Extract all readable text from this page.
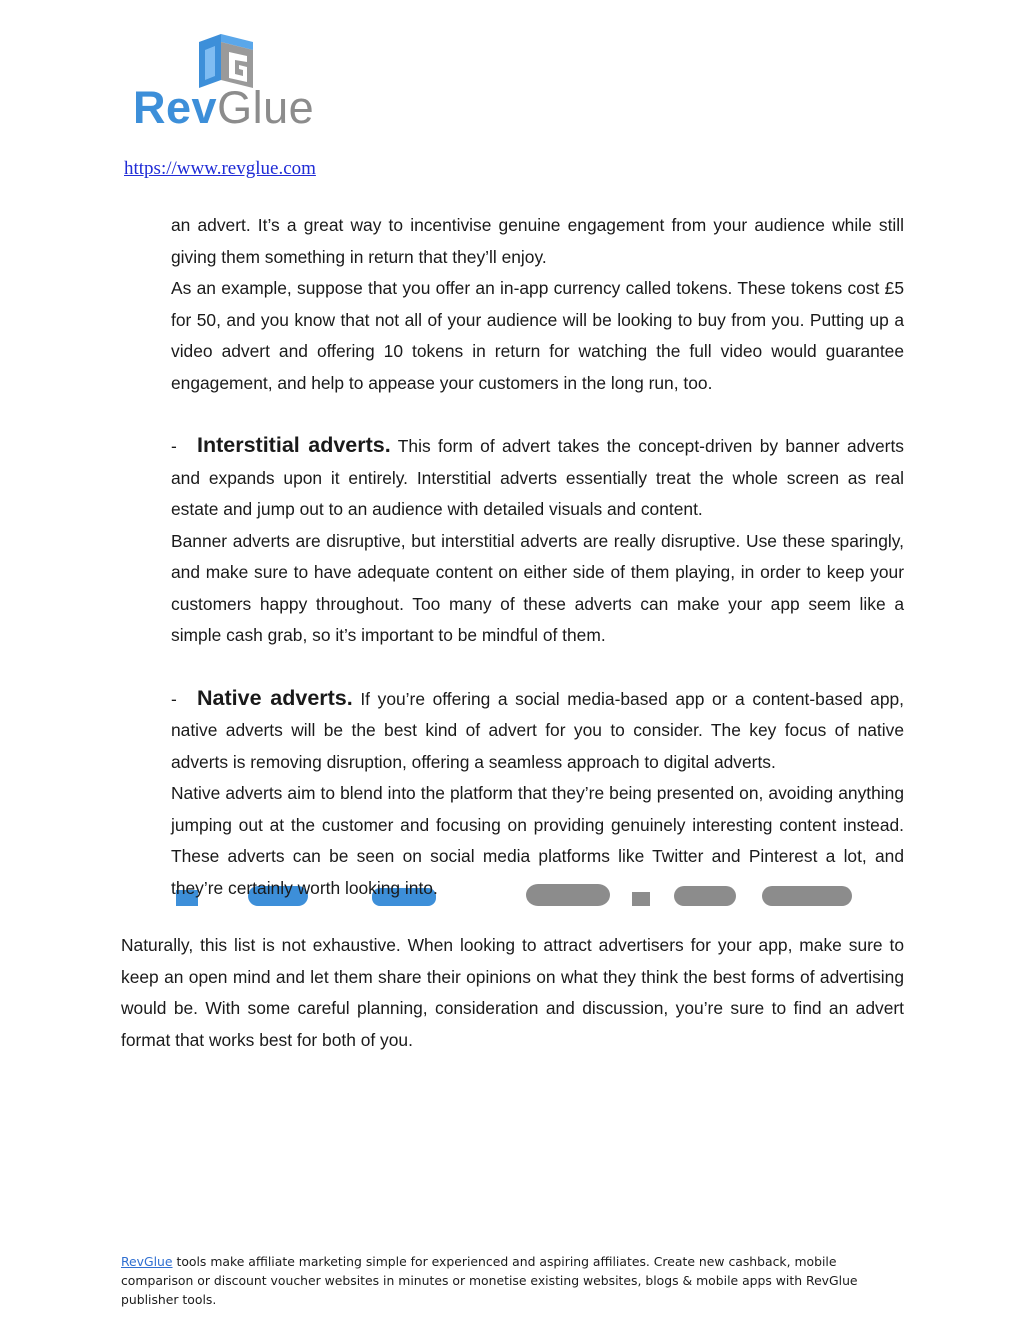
RevGlue
https://www.revglue.com

an advert. It’s a great way to incentivise genuine engagement from your audience while still giving them something in return that they’ll enjoy.

As an example, suppose that you offer an in-app currency called tokens. These tokens cost £5 for 50, and you know that not all of your audience will be looking to buy from you. Putting up a video advert and offering 10 tokens in return for watching the full video would guarantee engagement, and help to appease your customers in the long run, too.

- Interstitial adverts. This form of advert takes the concept-driven by banner adverts and expands upon it entirely. Interstitial adverts essentially treat the whole screen as real estate and jump out to an audience with detailed visuals and content.

Banner adverts are disruptive, but interstitial adverts are really disruptive. Use these sparingly, and make sure to have adequate content on either side of them playing, in order to keep your customers happy throughout. Too many of these adverts can make your app seem like a simple cash grab, so it’s important to be mindful of them.

- Native adverts. If you’re offering a social media-based app or a content-based app, native adverts will be the best kind of advert for you to consider. The key focus of native adverts is removing disruption, offering a seamless approach to digital adverts.

Native adverts aim to blend into the platform that they’re being presented on, avoiding anything jumping out at the customer and focusing on providing genuinely interesting content instead. These adverts can be seen on social media platforms like Twitter and Pinterest a lot, and they’re certainly worth looking into.

Naturally, this list is not exhaustive. When looking to attract advertisers for your app, make sure to keep an open mind and let them share their opinions on what they think the best forms of advertising would be. With some careful planning, consideration and discussion, you’re sure to find an advert format that works best for both of you.

RevGlue tools make affiliate marketing simple for experienced and aspiring affiliates. Create new cashback, mobile comparison or discount voucher websites in minutes or monetise existing websites, blogs & mobile apps with RevGlue publisher tools.
